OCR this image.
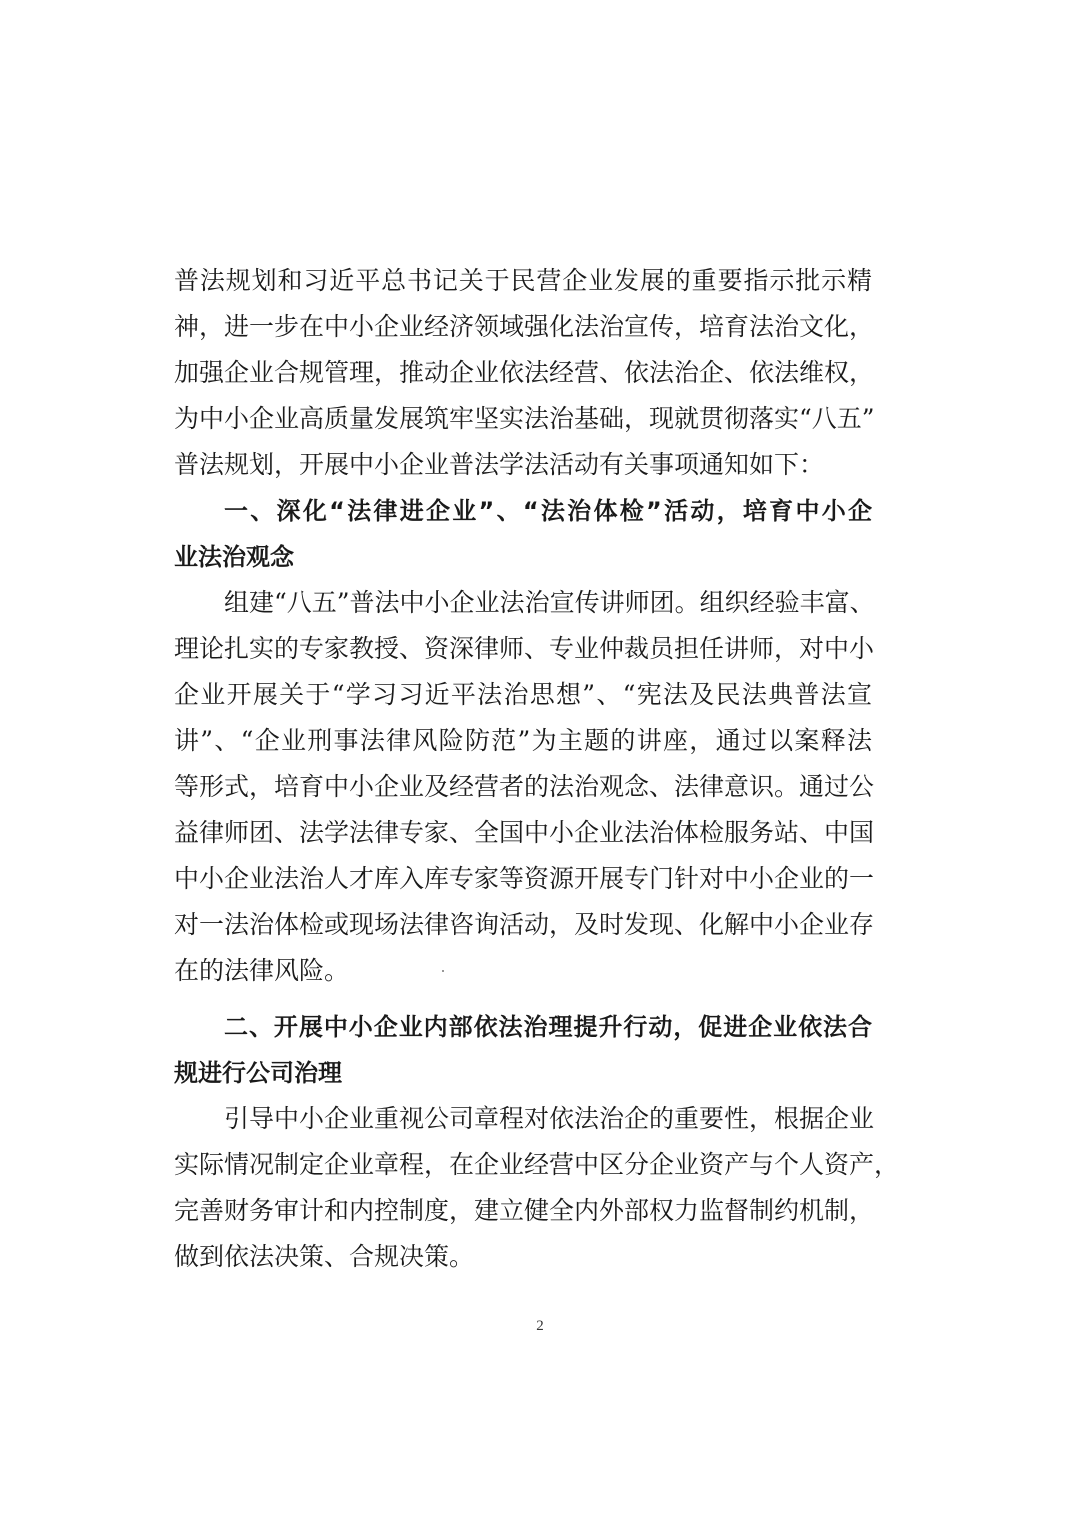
普法规划和习近平总书记关于民营企业发展的重要指示批示精
神，进一步在中小企业经济领域强化法治宣传，培育法治文化，
加强企业合规管理，推动企业依法经营、依法治企、依法维权，
为中小企业高质量发展筑牢坚实法治基础，现就贯彻落实“八五”
普法规划，开展中小企业普法学法活动有关事项通知如下：
一、深化“法律进企业”、“法治体检”活动，培育中小企
业法治观念
组建“八五”普法中小企业法治宣传讲师团。组织经验丰富、
理论扎实的专家教授、资深律师、专业仲裁员担任讲师，对中小
企业开展关于“学习习近平法治思想”、“宪法及民法典普法宣
讲”、“企业刑事法律风险防范”为主题的讲座，通过以案释法
等形式，培育中小企业及经营者的法治观念、法律意识。通过公
益律师团、法学法律专家、全国中小企业法治体检服务站、中国
中小企业法治人才库入库专家等资源开展专门针对中小企业的一
对一法治体检或现场法律咨询活动，及时发现、化解中小企业存
在的法律风险。
二、开展中小企业内部依法治理提升行动，促进企业依法合
规进行公司治理
引导中小企业重视公司章程对依法治企的重要性，根据企业
实际情况制定企业章程，在企业经营中区分企业资产与个人资产，
完善财务审计和内控制度，建立健全内外部权力监督制约机制，
做到依法决策、合规决策。
2
